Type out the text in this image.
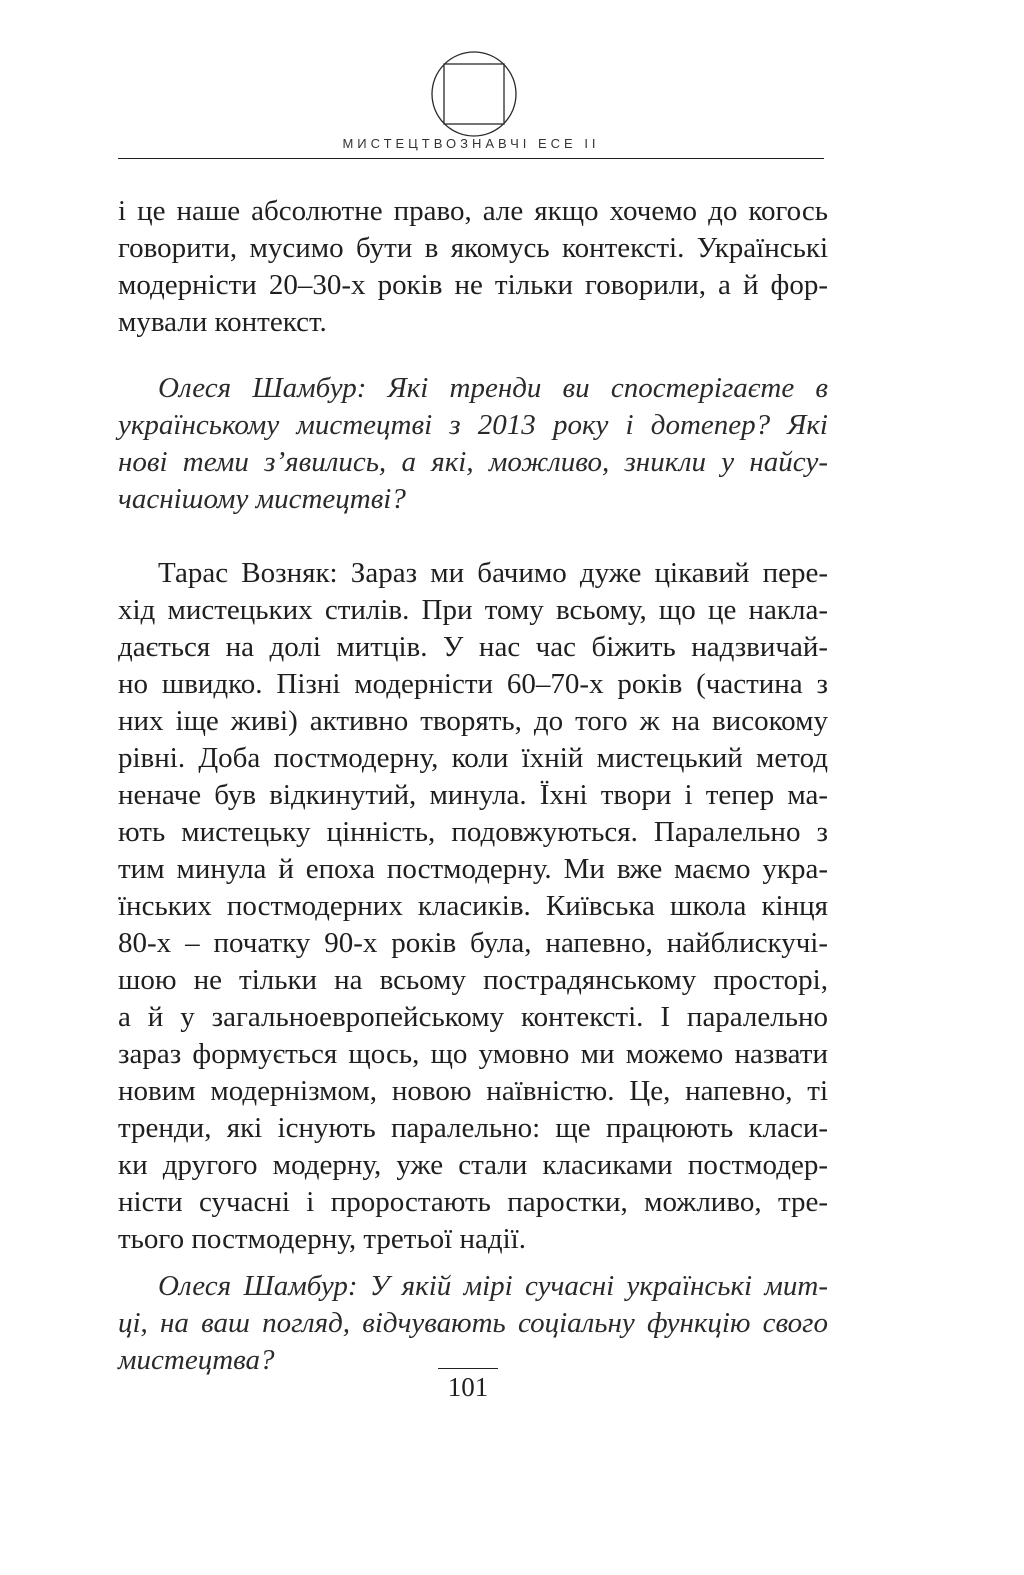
МИСТЕЦТВОЗНАВЧІ ЕСЕ ІІ
і це наше абсолютне право, але якщо хочемо до когось
говорити, мусимо бути в якомусь контексті. Українські
модерністи 20–30-х років не тільки говорили, а й фор-
мували контекст.
Олеся Шамбур: Які тренди ви спостерігаєте в
українському мистецтві з 2013 року і дотепер? Які
нові теми з’явились, а які, можливо, зникли у найсу-
часнішому мистецтві?
Тарас Возняк: Зараз ми бачимо дуже цікавий пере-
хід мистецьких стилів. При тому всьому, що це накла-
дається на долі митців. У нас час біжить надзвичай-
но швидко. Пізні модерністи 60–70-х років (частина з
них іще живі) активно творять, до того ж на високому
рівні. Доба постмодерну, коли їхній мистецький метод
неначе був відкинутий, минула. Їхні твори і тепер ма-
ють мистецьку цінність, подовжуються. Паралельно з
тим минула й епоха постмодерну. Ми вже маємо укра-
їнських постмодерних класиків. Київська школа кінця
80-х – початку 90-х років була, напевно, найблискучі-
шою не тільки на всьому пострадянському просторі,
а й у загальноевропейському контексті. І паралельно
зараз формується щось, що умовно ми можемо назвати
новим модернізмом, новою наївністю. Це, напевно, ті
тренди, які існують паралельно: ще працюють класи-
ки другого модерну, уже стали класиками постмодер-
ністи сучасні і проростають паростки, можливо, тре-
тього постмодерну, третьої надії.
Олеся Шамбур: У якій мірі сучасні українські мит-
ці, на ваш погляд, відчувають соціальну функцію свого
мистецтва?
101
